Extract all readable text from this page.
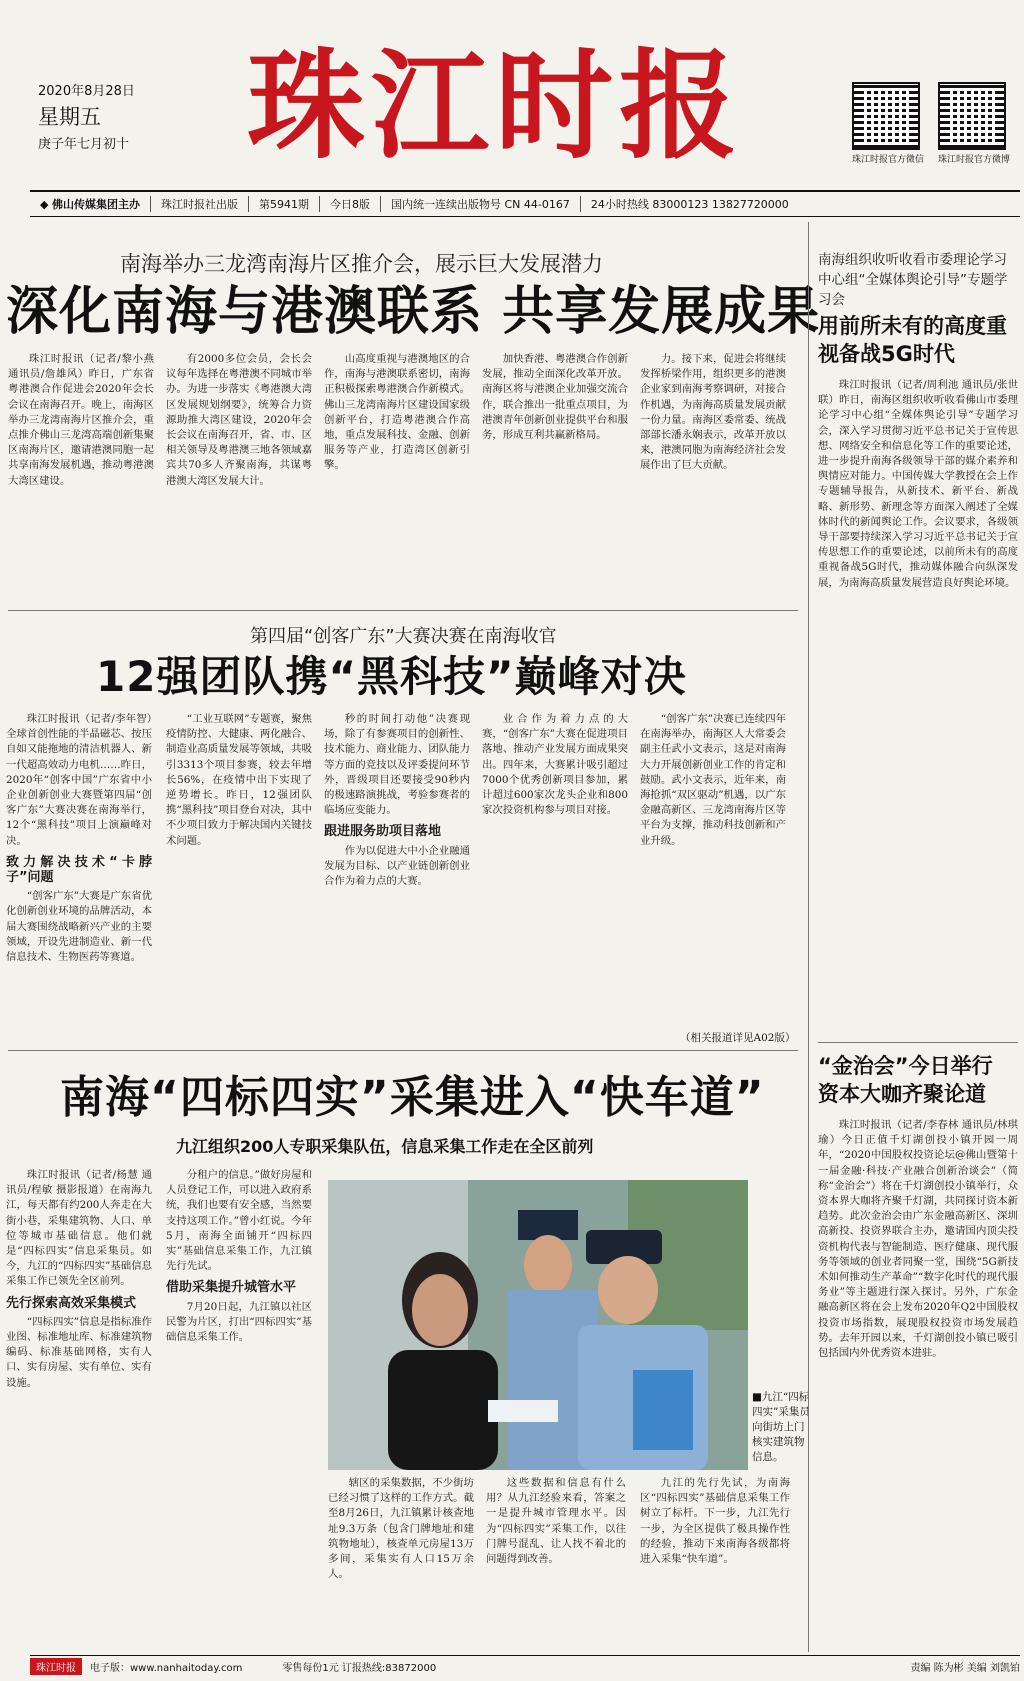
2020年8月28日
星期五
庚子年七月初十 珠江时报	珠江时报官方微信 珠江时报官方微博
◆ 佛山传媒集团主办	珠江时报社出版	第5941期	今日8版	国内统一连续出版物号 CN 44-0167	24小时热线 83000123 13827720000
南海举办三龙湾南海片区推介会，展示巨大发展潜力
深化南海与港澳联系 共享发展成果

珠江时报讯（记者/黎小燕 通讯员/詹雄风）昨日，广东省粤港澳合作促进会2020年会长会议在南海召开。晚上，南海区举办三龙湾南海片区推介会，重点推介佛山三龙湾高端创新集聚区南海片区，邀请港澳同胞一起共享南海发展机遇，推动粤港澳大湾区建设。

有2000多位会员，会长会议每年选择在粤港澳不同城市举办。为进一步落实《粤港澳大湾区发展规划纲要》，统筹合力资源助推大湾区建设，2020年会长会议在南海召开，省、市、区相关领导及粤港澳三地各领域嘉宾共70多人齐聚南海，共谋粤港澳大湾区发展大计。

山高度重视与港澳地区的合作，南海与港澳联系密切，南海正积极探索粤港澳合作新模式。佛山三龙湾南海片区建设国家级创新平台，打造粤港澳合作高地，重点发展科技、金融、创新服务等产业，打造湾区创新引擎。

加快香港、粤港澳合作创新发展，推动全面深化改革开放。南海区将与港澳企业加强交流合作，联合推出一批重点项目，为港澳青年创新创业提供平台和服务，形成互利共赢新格局。

力。接下来，促进会将继续发挥桥梁作用，组织更多的港澳企业家到南海考察调研，对接合作机遇，为南海高质量发展贡献一份力量。南海区委常委、统战部部长潘永娴表示，改革开放以来，港澳同胞为南海经济社会发展作出了巨大贡献。

第四届“创客广东”大赛决赛在南海收官
12强团队携“黑科技”巅峰对决

珠江时报讯（记者/李年智）全球首创性能的半晶磁芯、按压自如又能拖地的清洁机器人、新一代超高效动力电机……昨日，2020年“创客中国”广东省中小企业创新创业大赛暨第四届“创客广东”大赛决赛在南海举行，12个“黑科技”项目上演巅峰对决。

致力解决技术“卡脖子”问题

“创客广东”大赛是广东省优化创新创业环境的品牌活动，本届大赛围绕战略新兴产业的主要领域，开设先进制造业、新一代信息技术、生物医药等赛道。

“工业互联网”专题赛，聚焦疫情防控、大健康、两化融合、制造业高质量发展等领域，共吸引3313个项目参赛，较去年增长56%，在疫情中出下实现了逆势增长。昨日，12强团队携“黑科技”项目登台对决，其中不少项目致力于解决国内关键技术问题。

秒的时间打动他”决赛现场，除了有参赛项目的创新性、技术能力、商业能力、团队能力等方面的竞技以及评委提问环节外，晋级项目还要接受90秒内的极速路演挑战，考验参赛者的临场应变能力。

跟进服务助项目落地

作为以促进大中小企业融通发展为目标、以产业链创新创业合作为着力点的大赛。

业合作为着力点的大赛，“创客广东”大赛在促进项目落地、推动产业发展方面成果突出。四年来，大赛累计吸引超过7000个优秀创新项目参加，累计超过600家次龙头企业和800家次投资机构参与项目对接。

“创客广东”决赛已连续四年在南海举办，南海区人大常委会副主任武小文表示，这是对南海大力开展创新创业工作的肯定和鼓励。武小文表示，近年来，南海抢抓“双区驱动”机遇，以广东金融高新区、三龙湾南海片区等平台为支撑，推动科技创新和产业升级。

（相关报道详见A02版）
南海“四标四实”采集进入“快车道”
九江组织200人专职采集队伍，信息采集工作走在全区前列

珠江时报讯（记者/杨慧 通讯员/程敏 摄影报道）在南海九江，每天都有约200人奔走在大街小巷，采集建筑物、人口、单位等城市基础信息。他们就是“四标四实”信息采集员。如今，九江的“四标四实”基础信息采集工作已领先全区前列。

先行探索高效采集模式

“四标四实”信息是指标准作业图、标准地址库、标准建筑物编码、标准基础网格，实有人口、实有房屋、实有单位、实有设施。

分租户的信息。”做好房屋和人员登记工作，可以进入政府系统，我们也要有安全感，当然要支持这项工作。”曾小红说。今年5月，南海全面铺开“四标四实”基础信息采集工作，九江镇先行先试。

借助采集提升城管水平

7月20日起，九江镇以社区民警为片区，打出“四标四实”基础信息采集工作。

■九江“四标四实”采集员向街坊上门核实建筑物信息。

辖区的采集数据，不少街坊已经习惯了这样的工作方式。截至8月26日，九江镇累计核查地址9.3万条（包含门牌地址和建筑物地址），核查单元房屋13万多间，采集实有人口15万余人。

这些数据和信息有什么用？从九江经验来看，答案之一是提升城市管理水平。因为“四标四实”采集工作，以往门牌号混乱、让人找不着北的问题得到改善。

九江的先行先试，为南海区“四标四实”基础信息采集工作树立了标杆。下一步，九江先行一步，为全区提供了极具操作性的经验，推动下来南海各级都将进入采集“快车道”。

南海组织收听收看市委理论学习中心组“全媒体舆论引导”专题学习会
用前所未有的高度重视备战5G时代

珠江时报讯（记者/周利池 通讯员/张世联）昨日，南海区组织收听收看佛山市委理论学习中心组“全媒体舆论引导”专题学习会，深入学习贯彻习近平总书记关于宣传思想、网络安全和信息化等工作的重要论述，进一步提升南海各级领导干部的媒介素养和舆情应对能力。中国传媒大学教授在会上作专题辅导报告，从新技术、新平台、新战略、新形势、新理念等方面深入阐述了全媒体时代的新闻舆论工作。会议要求，各级领导干部要持续深入学习习近平总书记关于宣传思想工作的重要论述，以前所未有的高度重视备战5G时代，推动媒体融合向纵深发展，为南海高质量发展营造良好舆论环境。

“金治会”今日举行 资本大咖齐聚论道

珠江时报讯（记者/李春林 通讯员/林琪瑜）今日正值千灯湖创投小镇开园一周年，“2020中国股权投资论坛@佛山暨第十一届金融·科技·产业融合创新治谈会”（简称“金治会”）将在千灯湖创投小镇举行，众资本界大咖将齐聚千灯湖，共同探讨资本新趋势。此次金治会由广东金融高新区、深圳高新投、投资界联合主办，邀请国内顶尖投资机构代表与智能制造、医疗健康、现代服务等领域的创业者同聚一堂，围绕“5G新技术如何推动生产革命”“数字化时代的现代服务业”等主题进行深入探讨。另外，广东金融高新区将在会上发布2020年Q2中国股权投资市场指数，展现股权投资市场发展趋势。去年开园以来，千灯湖创投小镇已吸引包括国内外优秀资本进驻。

珠江时报	电子版：www.nanhaitoday.com	零售每份1元 订报热线:83872000	责编 陈为彬 美编 刘凯铂
